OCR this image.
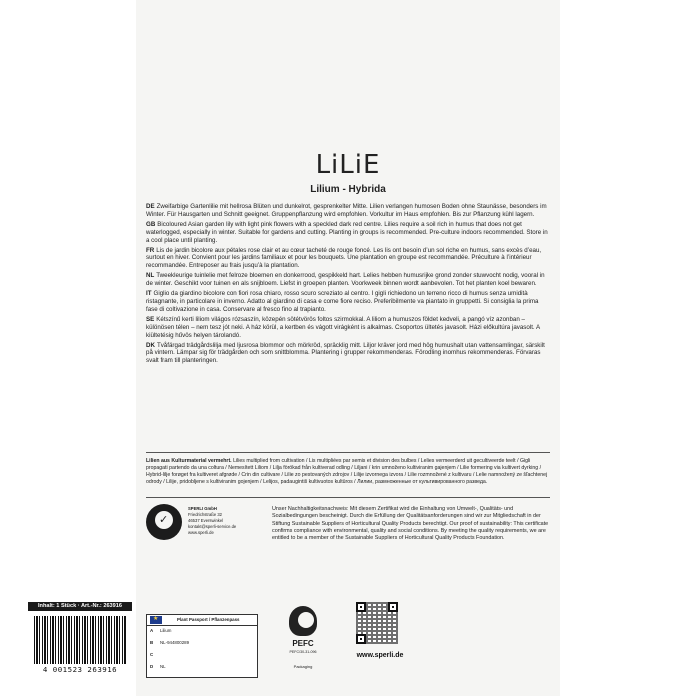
LiLiE
Lilium - Hybrida

DE Zweifarbige Gartenlilie mit hellrosa Blüten und dunkelrot, gesprenkelter Mitte. Lilien verlangen humosen Boden ohne Staunässe, besonders im Winter. Für Hausgarten und Schnitt geeignet. Gruppenpflanzung wird empfohlen. Vorkultur im Haus empfohlen. Bis zur Pflanzung kühl lagern.

GB Bicoloured Asian garden lily with light pink flowers with a speckled dark red centre. Lilies require a soil rich in humus that does not get waterlogged, especially in winter. Suitable for gardens and cutting. Planting in groups is recommended. Pre-culture indoors recommended. Store in a cool place until planting.

FR Lis de jardin bicolore aux pétales rose clair et au cœur tacheté de rouge foncé. Les lis ont besoin d’un sol riche en humus, sans excès d’eau, surtout en hiver. Convient pour les jardins familiaux et pour les bouquets. Une plantation en groupe est recommandée. Préculture à l’intérieur recommandée. Entreposer au frais jusqu’à la plantation.

NL Tweekleurige tuinlelie met felroze bloemen en donkerrood, gespikkeld hart. Lelies hebben humusrijke grond zonder stuwvocht nodig, vooral in de winter. Geschikt voor tuinen en als snijbloem. Liefst in groepen planten. Voorkweek binnen wordt aanbevolen. Tot het planten koel bewaren.

IT Giglio da giardino bicolore con fiori rosa chiaro, rosso scuro screziato al centro. I gigli richiedono un terreno ricco di humus senza umidità ristagnante, in particolare in inverno. Adatto al giardino di casa e come fiore reciso. Preferibilmente va piantato in gruppetti. Si consiglia la prima fase di coltivazione in casa. Conservare al fresco fino al trapianto.

SE Kétszínű kerti liliom világos rózsaszín, közepén sötétvörös foltos szirmokkal. A liliom a humuszos földet kedveli, a pangó víz azonban – különösen télen – nem tesz jót neki. A ház körül, a kertben és vágott virágként is alkalmas. Csoportos ültetés javasolt. Házi előkultúra javasolt. A kiültetésig hűvös helyen tárolandó.

DK Tvåfärgad trädgårdslilja med ljusrosa blommor och mörkröd, spräcklig mitt. Liljor kräver jord med hög humushalt utan vattensamlingar, särskilt på vintern. Lämpar sig för trädgården och som snittblomma. Plantering i grupper rekommenderas. Förodling inomhus rekommenderas. Förvaras svalt fram till planteringen.

Lilien aus Kulturmaterial vermehrt. Lilies multiplied from cultivation / Lis multipliées par semis et division des bulbes / Lelies vermeerderd uit gecultiveerde teelt / Gigli propagati partendo da una coltura / Nemesített Liliom / Lilja förökad från kultiverad odling / Liljani / krin umnoženo kultiviranim gajenjem / Lilie formering via kultivert dyrking / Hybrid-lilje forøget fra kultiveret afgrøde / Crin din cultivare / Lilie zo pestovaných zdrojov / Lilije izvornega izvora / Lilie rozmnožené z kultivaru / Lelie namnožený ze šľachtenej odrody / Lilije, pridobljene s kultiviranim gojenjem / Lelijos, padaugintiš kultivuotos kultūros / Лилии, размноженные от культивированного разведа.
✓
SPERLI GmbH
Friedrichstraße 32
46537 Everswinkel
kontakt@sperli-service.de
www.sperli.de
Unser Nachhaltigkeitsnachweis: Mit diesem Zertifikat wird die Einhaltung von Umwelt-, Qualitäts- und Sozialbedingungen bescheinigt. Durch die Erfüllung der Qualitätsanforderungen sind wir zur Mitgliedschaft in der Stiftung Sustainable Suppliers of Horticultural Quality Products berechtigt. Our proof of sustainability: This certificate confirms compliance with environmental, quality and social conditions. By meeting the quality requirements, we are entitled to be a member of the Sustainable Suppliers of Horticultural Quality Products Foundation.
4 001523 263916
Inhalt: 1 Stück · Art.-Nr.: 263916
★
Plant Passport / Pflanzenpass
A Lilium
B NL-944800289
C
D NL
PEFC
PEFC/30-31-096
Packaging
www.sperli.de
